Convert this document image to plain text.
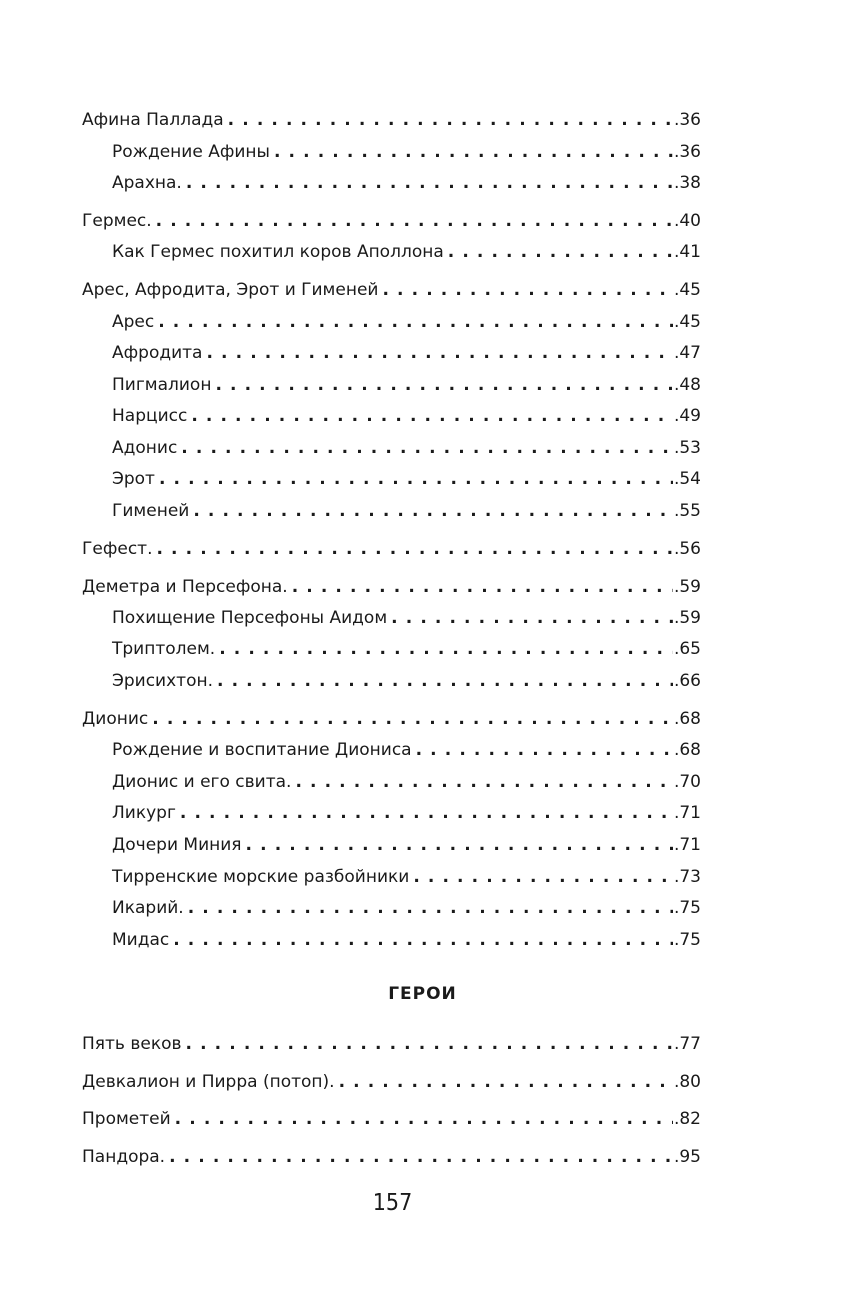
Афина Паллада . . .	.36
Рождение Афины . . .	.36
Арахна. . . .	.38
Гермес. . . .	.40
Как Гермес похитил коров Аполлона . . .	.41
Арес, Афродита, Эрот и Гименей . . .	.45
Арес . . .	.45
Афродита . . .	.47
Пигмалион . . .	.48
Нарцисс . . .	.49
Адонис . . .	.53
Эрот . . .	.54
Гименей . . .	.55
Гефест. . . .	.56
Деметра и Персефона. . . .	.59
Похищение Персефоны Аидом . . .	.59
Триптолем. . . .	.65
Эрисихтон. . . .	.66
Дионис . . .	.68
Рождение и воспитание Диониса . . .	.68
Дионис и его свита. . . .	.70
Ликург . . .	.71
Дочери Миния . . .	.71
Тирренские морские разбойники . . .	.73
Икарий. . . .	.75
Мидас . . .	.75
Пять веков . . .	.77
Девкалион и Пирра (потоп). . . .	.80
Прометей . . .	.82
Пандора. . . .	.95
ГЕРОИ
157
